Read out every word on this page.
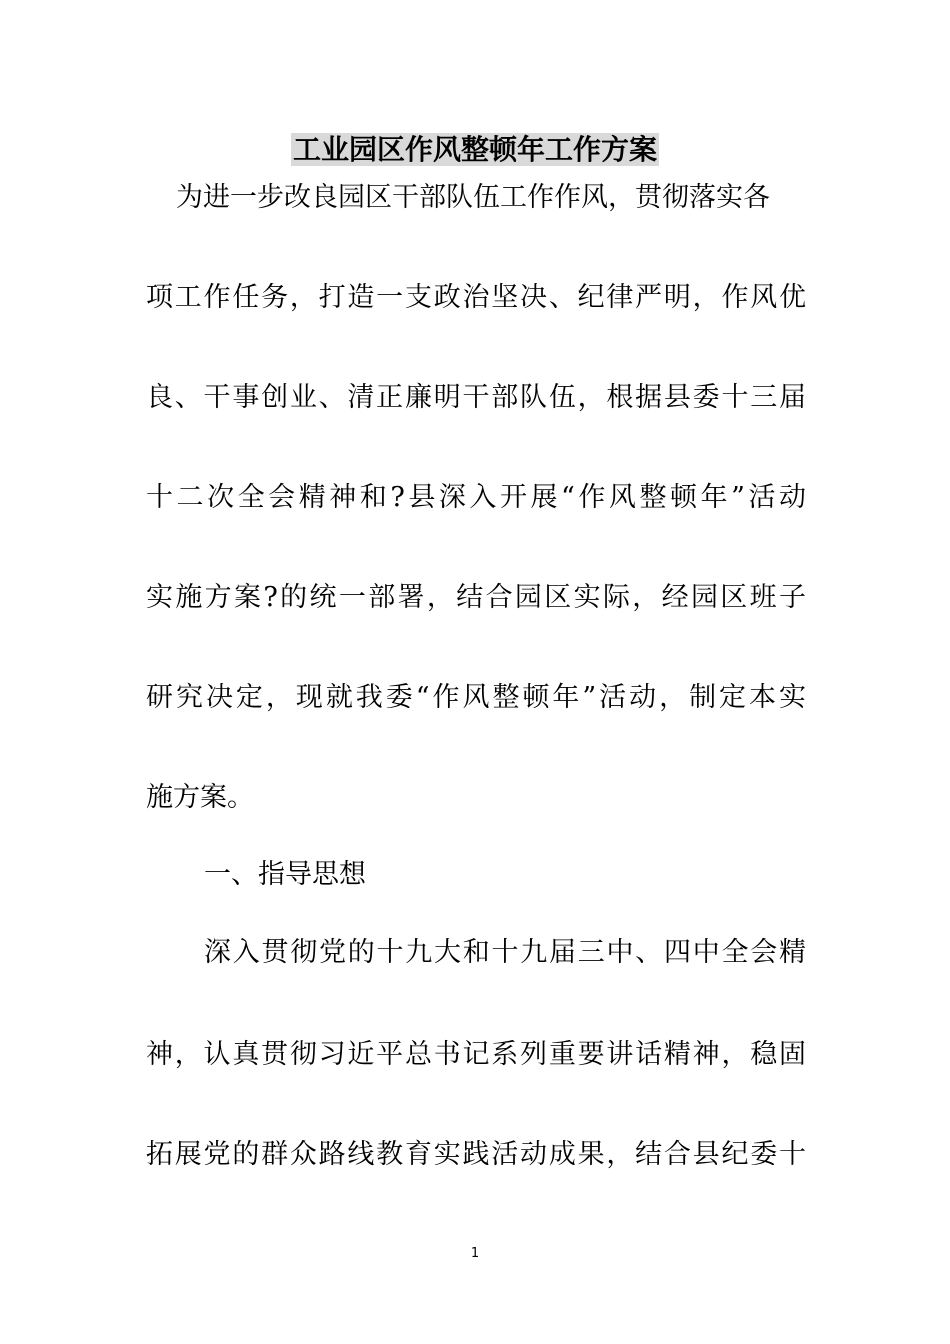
工业园区作风整顿年工作方案
为进一步改良园区干部队伍工作作风，贯彻落实各
项工作任务，打造一支政治坚决、纪律严明，作风优
良、干事创业、清正廉明干部队伍，根据县委十三届
十二次全会精神和?县深入开展“作风整顿年”活动
实施方案?的统一部署，结合园区实际，经园区班子
研究决定，现就我委“作风整顿年”活动，制定本实
施方案。
一、指导思想
深入贯彻党的十九大和十九届三中、四中全会精
神，认真贯彻习近平总书记系列重要讲话精神，稳固
拓展党的群众路线教育实践活动成果，结合县纪委十
1
